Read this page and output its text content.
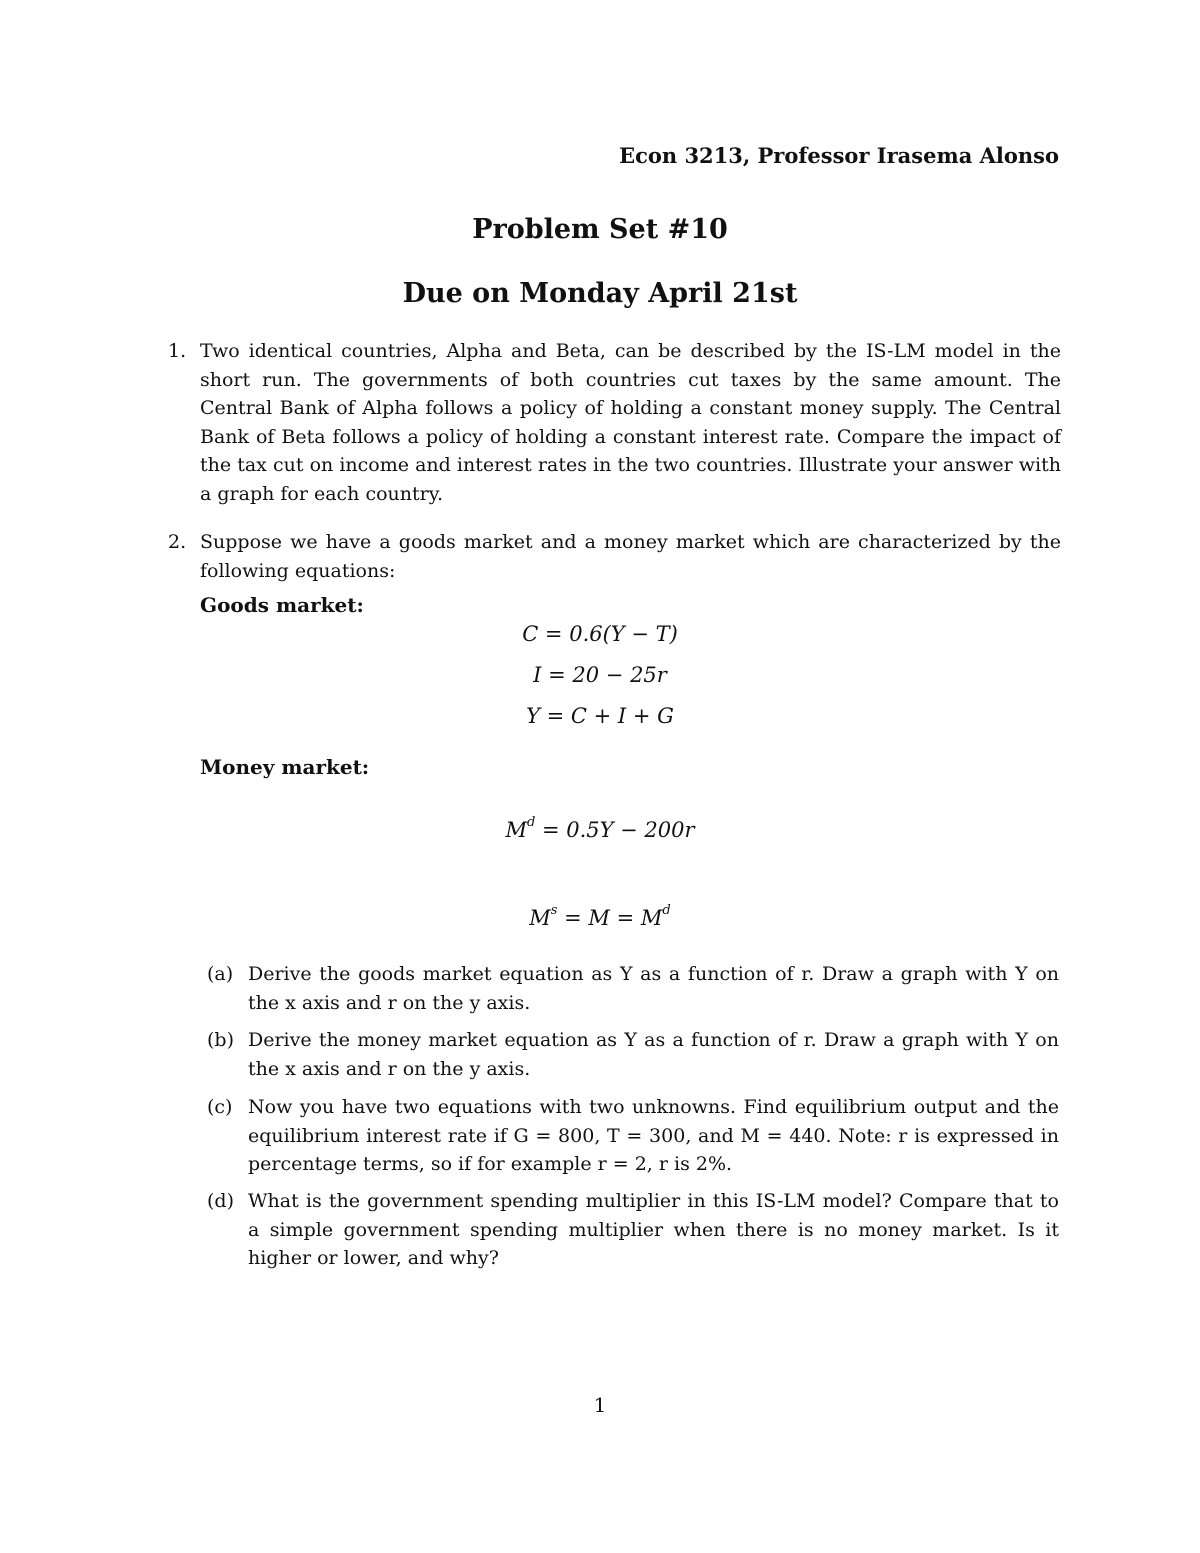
Econ 3213, Professor Irasema Alonso
Problem Set #10
Due on Monday April 21st
1. Two identical countries, Alpha and Beta, can be described by the IS-LM model in the short run. The governments of both countries cut taxes by the same amount. The Central Bank of Alpha follows a policy of holding a constant money supply. The Central Bank of Beta follows a policy of holding a constant interest rate. Compare the impact of the tax cut on income and interest rates in the two countries. Illustrate your answer with a graph for each country.
2. Suppose we have a goods market and a money market which are characterized by the following equations:
Goods market:
C = 0.6(Y − T)
I = 20 − 25r
Y = C + I + G
Money market:
$M^d = 0.5Y - 200r$
$M^s = M = M^d$
(a) Derive the goods market equation as Y as a function of r. Draw a graph with Y on the x axis and r on the y axis.
(b) Derive the money market equation as Y as a function of r. Draw a graph with Y on the x axis and r on the y axis.
(c) Now you have two equations with two unknowns. Find equilibrium output and the equilibrium interest rate if G = 800, T = 300, and M = 440. Note: r is expressed in percentage terms, so if for example r = 2, r is 2%.
(d) What is the government spending multiplier in this IS-LM model? Compare that to a simple government spending multiplier when there is no money market. Is it higher or lower, and why?
1
